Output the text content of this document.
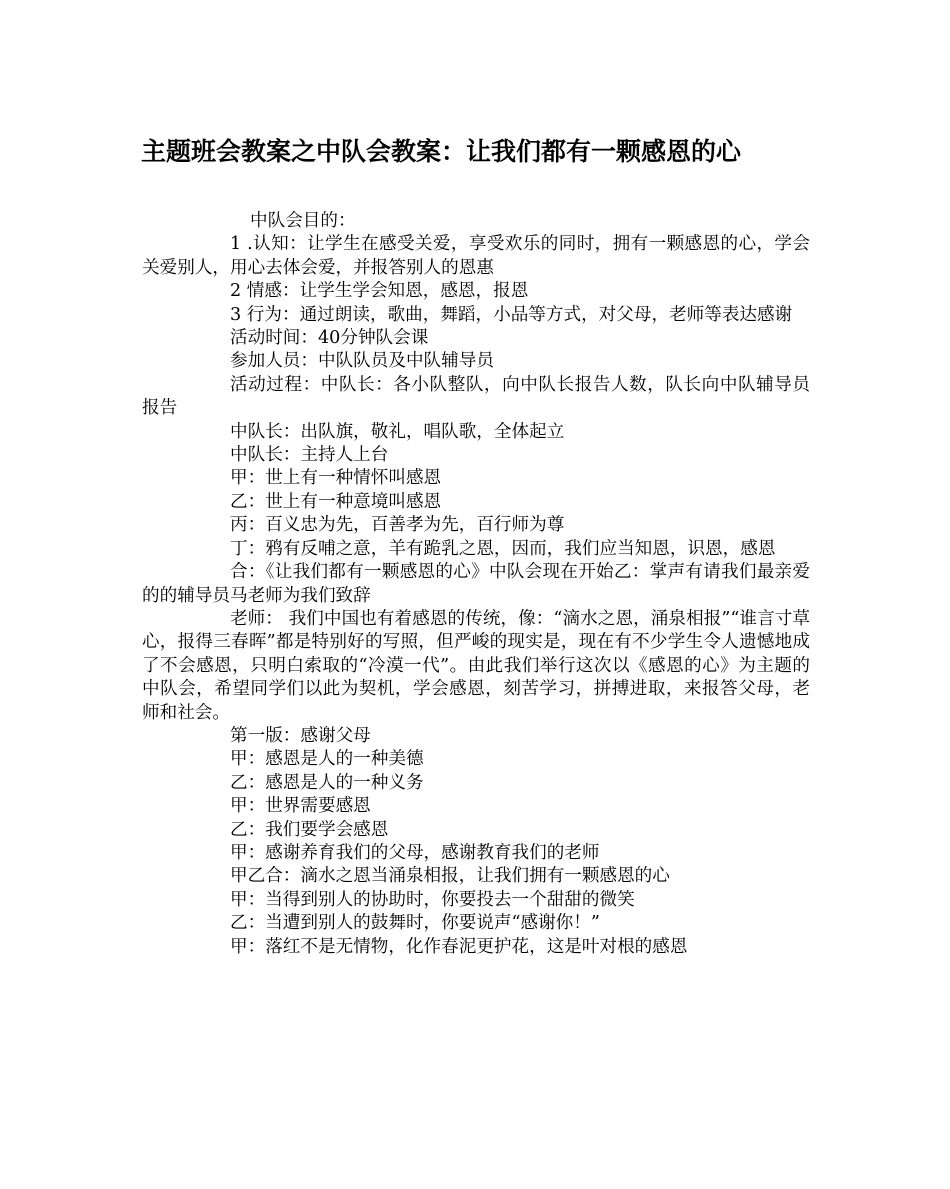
主题班会教案之中队会教案：让我们都有一颗感恩的心

中队会目的：

1 .认知：让学生在感受关爱，享受欢乐的同时，拥有一颗感恩的心，学会关爱别人，用心去体会爱，并报答别人的恩惠

2 情感：让学生学会知恩，感恩，报恩

3 行为：通过朗读，歌曲，舞蹈，小品等方式，对父母，老师等表达感谢

活动时间：40分钟队会课

参加人员：中队队员及中队辅导员

活动过程：中队长：各小队整队，向中队长报告人数，队长向中队辅导员报告

中队长：出队旗，敬礼，唱队歌，全体起立

中队长：主持人上台

甲：世上有一种情怀叫感恩

乙：世上有一种意境叫感恩

丙：百义忠为先，百善孝为先，百行师为尊

丁：鸦有反哺之意，羊有跪乳之恩，因而，我们应当知恩，识恩，感恩

合：《让我们都有一颗感恩的心》中队会现在开始乙：掌声有请我们最亲爱的的辅导员马老师为我们致辞

老师： 我们中国也有着感恩的传统，像：“滴水之恩，涌泉相报”“谁言寸草心，报得三春晖”都是特别好的写照，但严峻的现实是，现在有不少学生令人遗憾地成了不会感恩，只明白索取的“冷漠一代”。由此我们举行这次以《感恩的心》为主题的中队会，希望同学们以此为契机，学会感恩，刻苦学习，拼搏进取，来报答父母，老师和社会。

第一版：感谢父母

甲：感恩是人的一种美德

乙：感恩是人的一种义务

甲：世界需要感恩

乙：我们要学会感恩

甲：感谢养育我们的父母，感谢教育我们的老师

甲乙合：滴水之恩当涌泉相报，让我们拥有一颗感恩的心

甲：当得到别人的协助时，你要投去一个甜甜的微笑

乙：当遭到别人的鼓舞时，你要说声“感谢你！”

甲：落红不是无情物，化作春泥更护花，这是叶对根的感恩
